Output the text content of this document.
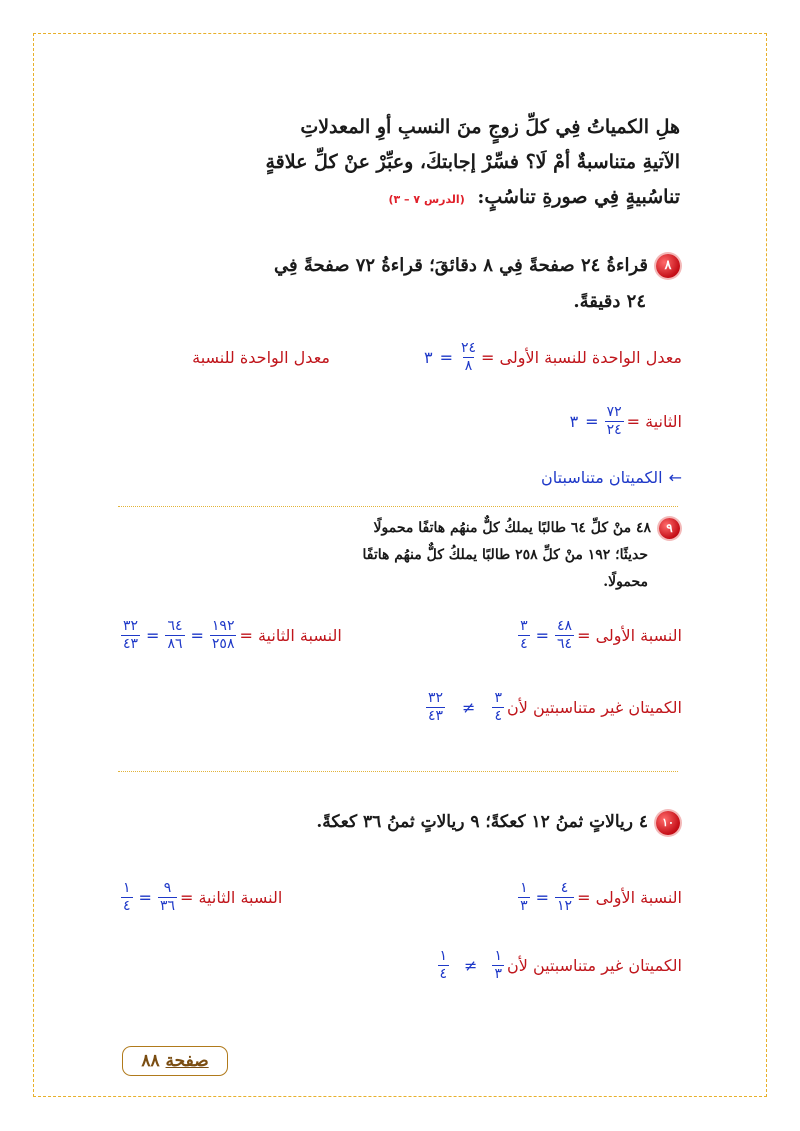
هلِ الكمياتُ فِي كلِّ زوجٍ منَ النسبِ أوِ المعدلاتِ
الآتيةِ متناسبةٌ أمْ لَا؟ فسِّرْ إجابتكَ، وعبِّرْ عنْ كلِّ علاقةٍ
تناسُبيةٍ فِي صورةِ تناسُبٍ: (الدرس ٧ – ٣)
٨قراءةُ ٢٤ صفحةً فِي ٨ دقائقَ؛ قراءةُ ٧٢ صفحةً فِي
٢٤ دقيقةً.
معدل الواحدة للنسبة الأولى =
$\frac{٢٤}{٨}$
=
٣
معدل الواحدة للنسبة
الثانية =
$\frac{٧٢}{٢٤}$
=
٣
←
الكميتان متناسبتان
٩٤٨ منْ كلِّ ٦٤ طالبًا يملكُ كلٌّ منهُم هاتفًا محمولًا
حديثًا؛ ١٩٢ منْ كلِّ ٢٥٨ طالبًا يملكُ كلٌّ منهُم هاتفًا
محمولًا.
النسبة الأولى =
$\frac{٤٨}{٦٤}$
=
$\frac{٣}{٤}$
النسبة الثانية =
$\frac{١٩٢}{٢٥٨}$
=
$\frac{٦٤}{٨٦}$
=
$\frac{٣٢}{٤٣}$
الكميتان غير متناسبتين لأن
$\frac{٣}{٤}$
≠
$\frac{٣٢}{٤٣}$
١٠٤ ريالاتٍ ثمنُ ١٢ كعكةً؛ ٩ ريالاتٍ ثمنُ ٣٦ كعكةً.
النسبة الأولى =
$\frac{٤}{١٢}$
=
$\frac{١}{٣}$
النسبة الثانية =
$\frac{٩}{٣٦}$
=
$\frac{١}{٤}$
الكميتان غير متناسبتين لأن
$\frac{١}{٣}$
≠
$\frac{١}{٤}$
صفحة ٨٨
